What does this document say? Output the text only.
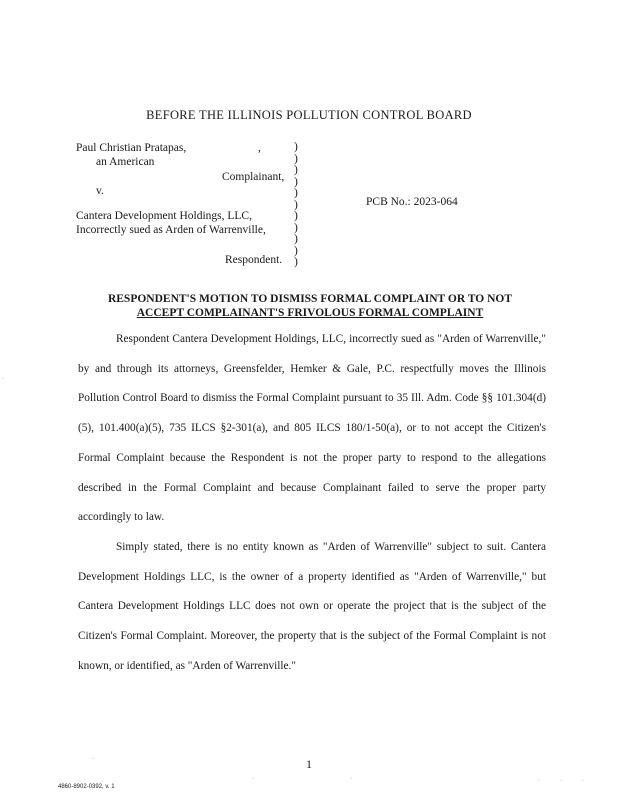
BEFORE THE ILLINOIS POLLUTION CONTROL BOARD
Paul Christian Pratapas,	,
an American
Complainant,
v.
Cantera Development Holdings, LLC,
Incorrectly sued as Arden of Warrenville,
Respondent.
)
)
)
)
)
)
)
)
)
)
)
PCB No.: 2023-064
RESPONDENT'S MOTION TO DISMISS FORMAL COMPLAINT OR TO NOT
ACCEPT COMPLAINANT'S FRIVOLOUS FORMAL COMPLAINT

Respondent Cantera Development Holdings, LLC, incorrectly sued as "Arden of Warrenville," by and through its attorneys, Greensfelder, Hemker & Gale, P.C. respectfully moves the Illinois Pollution Control Board to dismiss the Formal Complaint pursuant to 35 Ill. Adm. Code §§ 101.304(d)(5), 101.400(a)(5), 735 ILCS §2-301(a), and 805 ILCS 180/1-50(a), or to not accept the Citizen's Formal Complaint because the Respondent is not the proper party to respond to the allegations described in the Formal Complaint and because Complainant failed to serve the proper party accordingly to law.

Simply stated, there is no entity known as "Arden of Warrenville" subject to suit. Cantera Development Holdings LLC, is the owner of a property identified as "Arden of Warrenville," but Cantera Development Holdings LLC does not own or operate the project that is the subject of the Citizen's Formal Complaint. Moreover, the property that is the subject of the Formal Complaint is not known, or identified, as "Arden of Warrenville."

1
4860-8902-0392, v. 1
·
·
·	·	·	·	·
